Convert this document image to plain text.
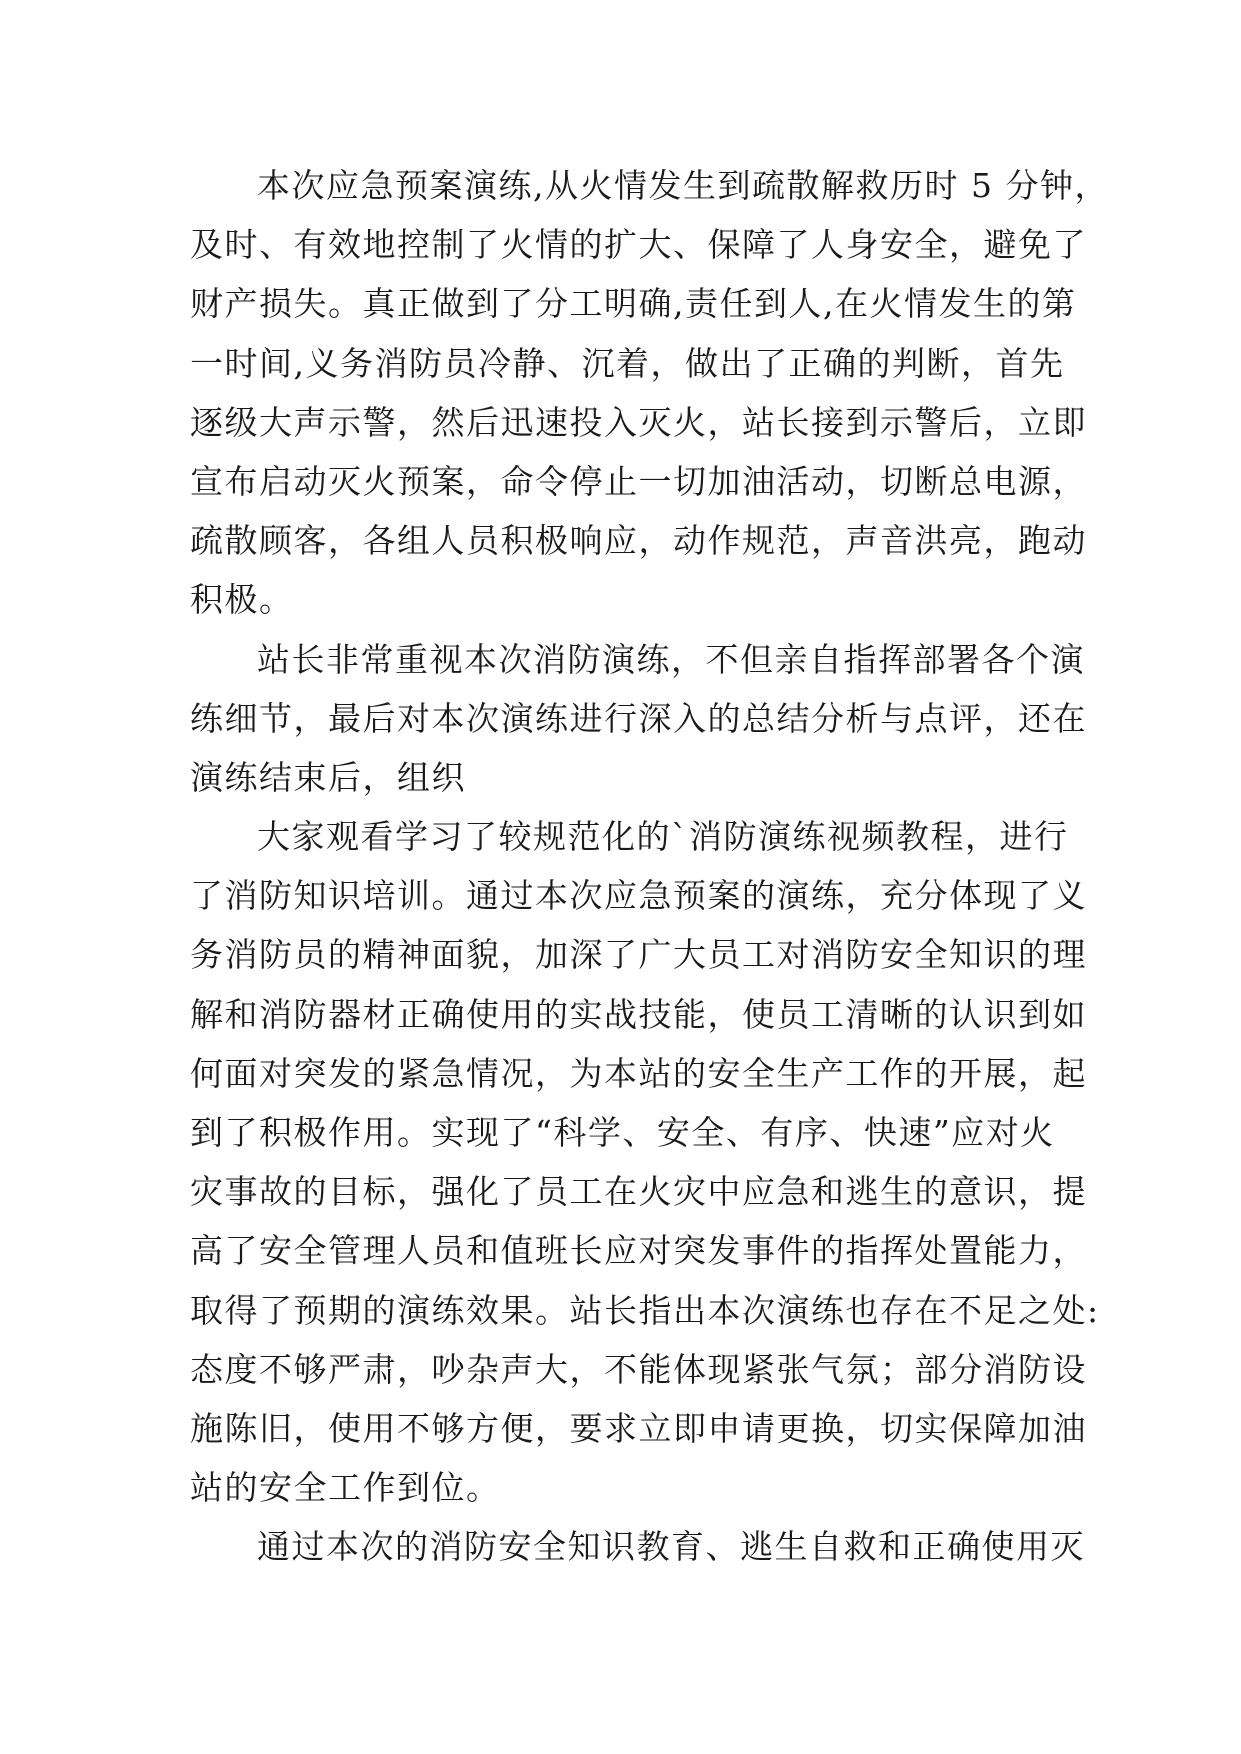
本次应急预案演练,从火情发生到疏散解救历时 5 分钟，
及时、有效地控制了火情的扩大、保障了人身安全，避免了
财产损失。真正做到了分工明确,责任到人,在火情发生的第
一时间,义务消防员冷静、沉着，做出了正确的判断，首先
逐级大声示警，然后迅速投入灭火，站长接到示警后，立即
宣布启动灭火预案，命令停止一切加油活动，切断总电源，
疏散顾客，各组人员积极响应，动作规范，声音洪亮，跑动
积极。
站长非常重视本次消防演练，不但亲自指挥部署各个演
练细节，最后对本次演练进行深入的总结分析与点评，还在
演练结束后，组织
大家观看学习了较规范化的`消防演练视频教程，进行
了消防知识培训。通过本次应急预案的演练，充分体现了义
务消防员的精神面貌，加深了广大员工对消防安全知识的理
解和消防器材正确使用的实战技能，使员工清晰的认识到如
何面对突发的紧急情况，为本站的安全生产工作的开展，起
到了积极作用。实现了“科学、安全、有序、快速”应对火
灾事故的目标，强化了员工在火灾中应急和逃生的意识，提
高了安全管理人员和值班长应对突发事件的指挥处置能力，
取得了预期的演练效果。站长指出本次演练也存在不足之处:
态度不够严肃，吵杂声大，不能体现紧张气氛；部分消防设
施陈旧，使用不够方便，要求立即申请更换，切实保障加油
站的安全工作到位。
通过本次的消防安全知识教育、逃生自救和正确使用灭
